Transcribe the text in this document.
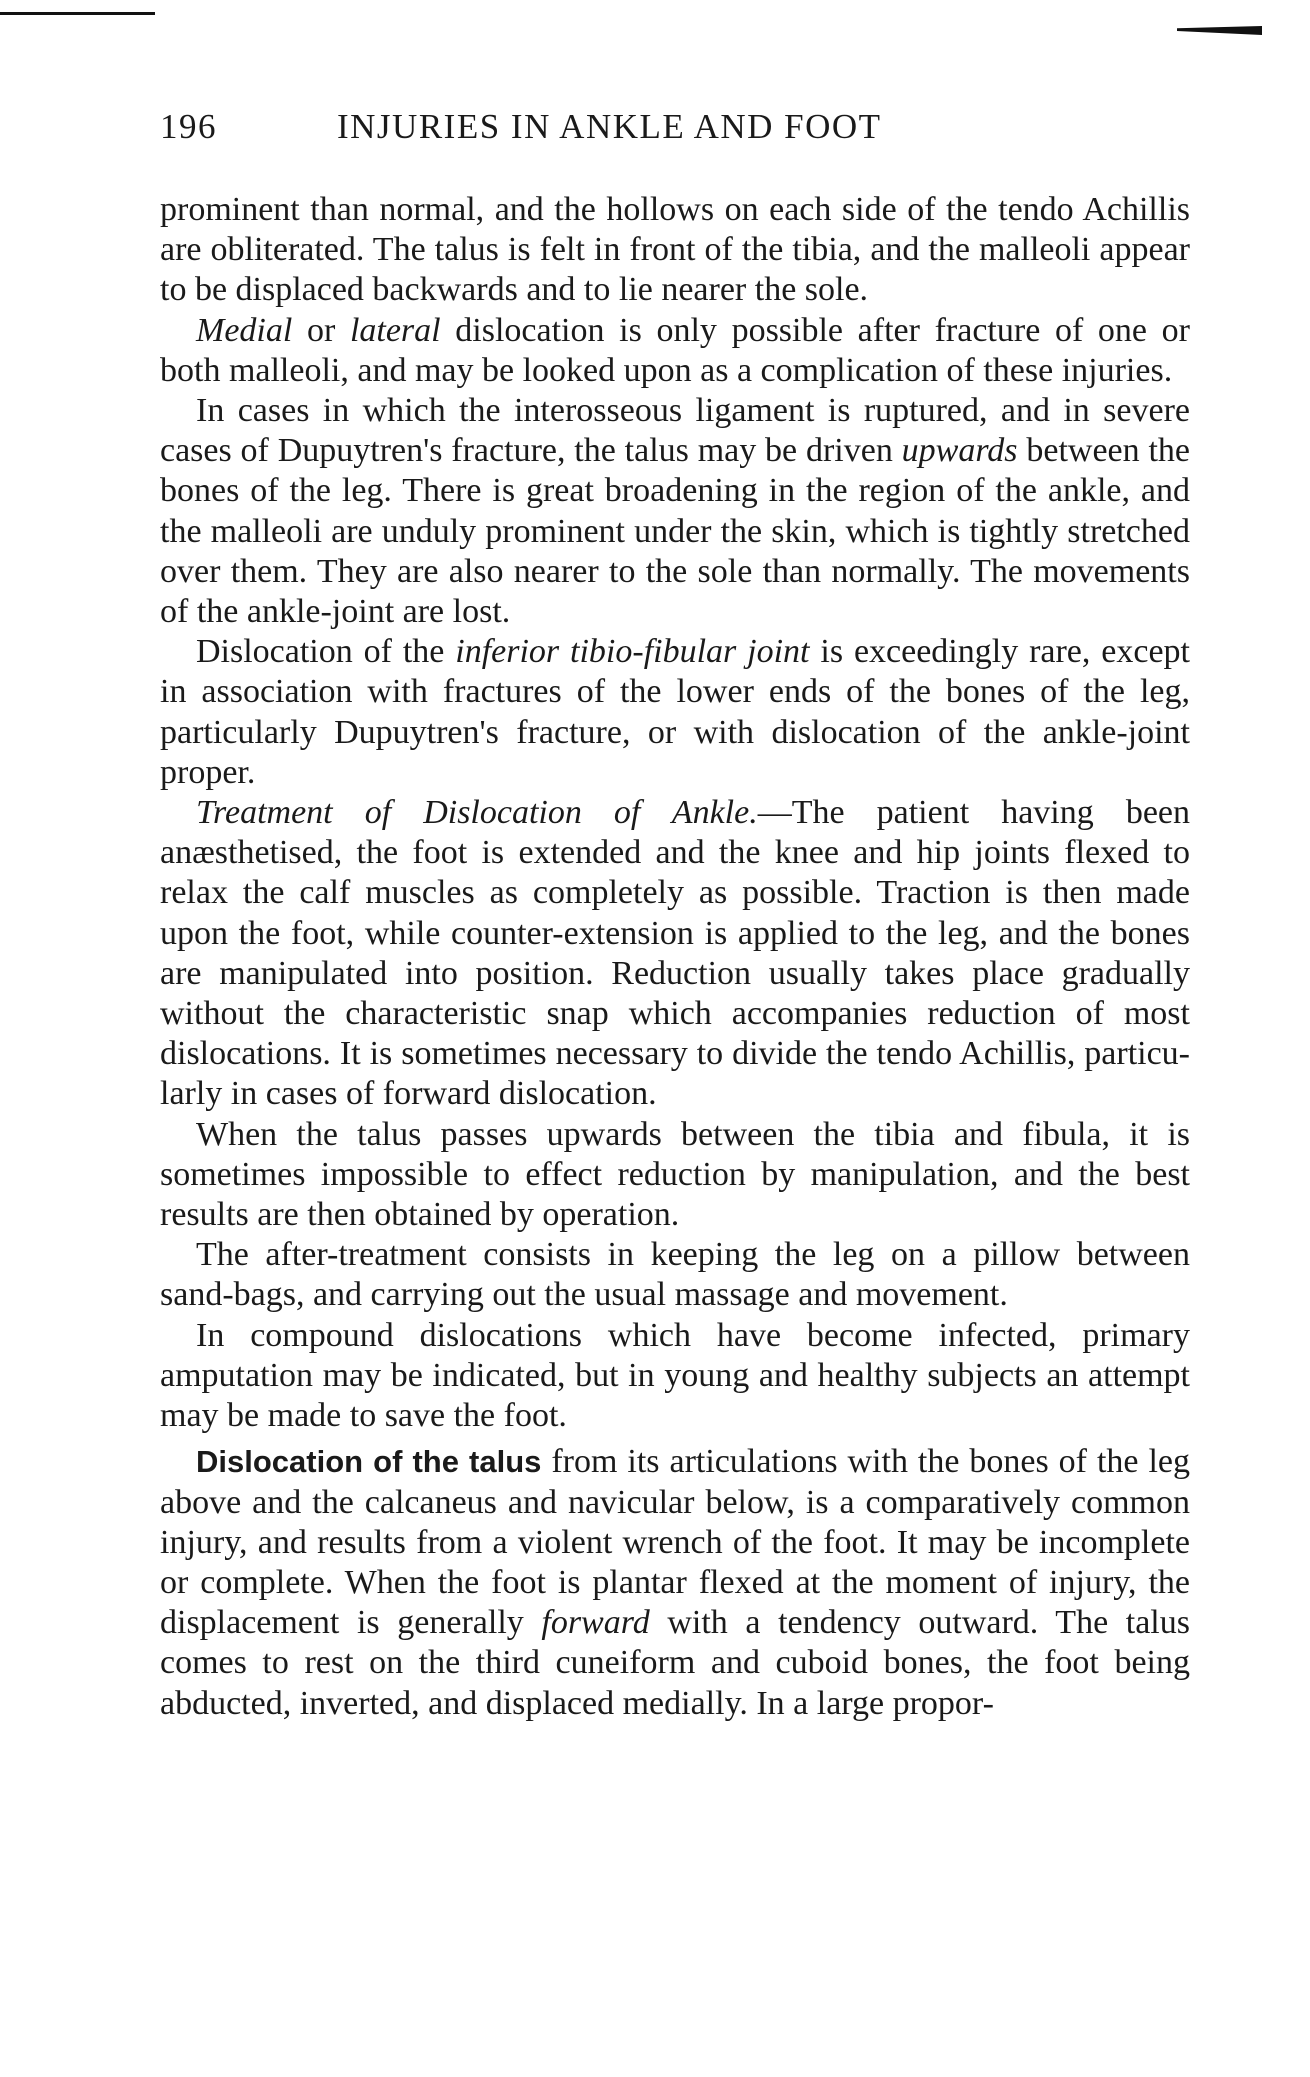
196	INJURIES IN ANKLE AND FOOT

prominent than normal, and the hollows on each side of the tendo Achillis are obliterated. The talus is felt in front of the tibia, and the malleoli appear to be displaced backwards and to lie nearer the sole.

Medial or lateral dislocation is only possible after fracture of one or both malleoli, and may be looked upon as a complication of these injuries.

In cases in which the interosseous ligament is ruptured, and in severe cases of Dupuytren's fracture, the talus may be driven upwards between the bones of the leg. There is great broadening in the region of the ankle, and the malleoli are unduly prominent under the skin, which is tightly stretched over them. They are also nearer to the sole than normally. The movements of the ankle-joint are lost.

Dislocation of the inferior tibio-fibular joint is exceedingly rare, except in association with fractures of the lower ends of the bones of the leg, particularly Dupuytren's fracture, or with dislocation of the ankle-joint proper.

Treatment of Dislocation of Ankle.—The patient having been anæsthetised, the foot is extended and the knee and hip joints flexed to relax the calf muscles as completely as possible. Traction is then made upon the foot, while counter-extension is applied to the leg, and the bones are manipulated into position. Reduction usually takes place gradually without the characteristic snap which accompanies reduction of most dislocations. It is sometimes necessary to divide the tendo Achillis, particularly in cases of forward dislocation.

When the talus passes upwards between the tibia and fibula, it is sometimes impossible to effect reduction by manipulation, and the best results are then obtained by operation.

The after-treatment consists in keeping the leg on a pillow between sand-bags, and carrying out the usual massage and movement.

In compound dislocations which have become infected, primary amputation may be indicated, but in young and healthy subjects an attempt may be made to save the foot.

Dislocation of the talus from its articulations with the bones of the leg above and the calcaneus and navicular below, is a comparatively common injury, and results from a violent wrench of the foot. It may be incomplete or complete. When the foot is plantar flexed at the moment of injury, the displacement is generally forward with a tendency outward. The talus comes to rest on the third cuneiform and cuboid bones, the foot being abducted, inverted, and displaced medially. In a large propor-
